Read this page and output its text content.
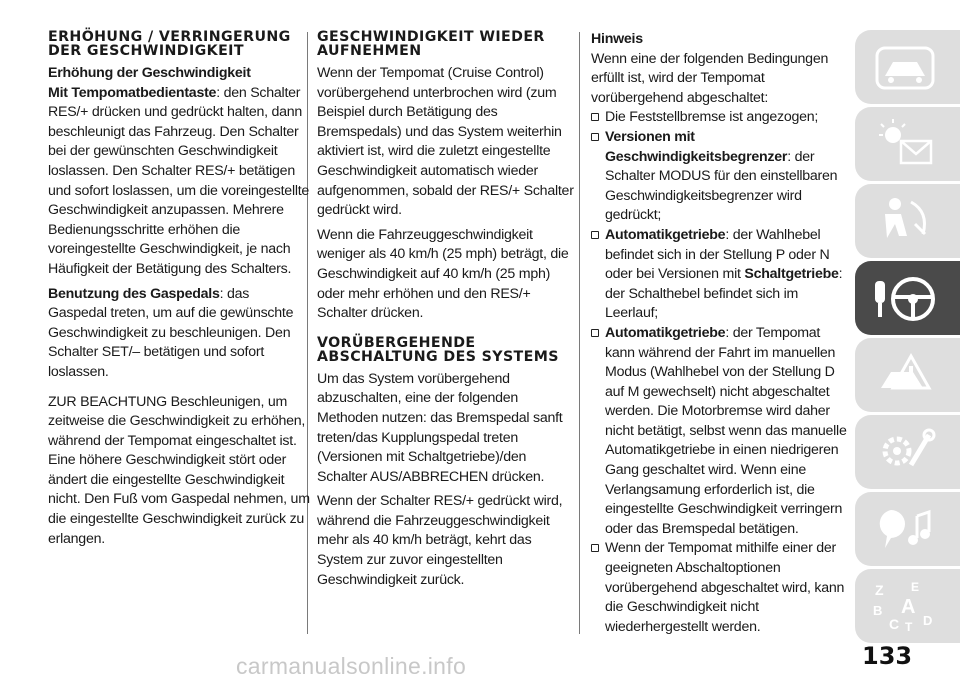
ERHÖHUNG / VERRINGERUNG DER GESCHWINDIGKEIT

Erhöhung der Geschwindigkeit

Mit Tempomatbedientaste: den Schalter RES/+ drücken und gedrückt halten, dann beschleunigt das Fahrzeug. Den Schalter bei der gewünschten Geschwindigkeit loslassen. Den Schalter RES/+ betätigen und sofort loslassen, um die voreingestellte Geschwindigkeit anzupassen. Mehrere Bedienungsschritte erhöhen die voreingestellte Geschwindigkeit, je nach Häufigkeit der Betätigung des Schalters.

Benutzung des Gaspedals: das Gaspedal treten, um auf die gewünschte Geschwindigkeit zu beschleunigen. Den Schalter SET/– betätigen und sofort loslassen.

ZUR BEACHTUNG Beschleunigen, um zeitweise die Geschwindigkeit zu erhöhen, während der Tempomat eingeschaltet ist. Eine höhere Geschwindigkeit stört oder ändert die eingestellte Geschwindigkeit nicht. Den Fuß vom Gaspedal nehmen, um die eingestellte Geschwindigkeit zurück zu erlangen.

GESCHWINDIGKEIT WIEDER AUFNEHMEN

Wenn der Tempomat (Cruise Control) vorübergehend unterbrochen wird (zum Beispiel durch Betätigung des Bremspedals) und das System weiterhin aktiviert ist, wird die zuletzt eingestellte Geschwindigkeit automatisch wieder aufgenommen, sobald der RES/+ Schalter gedrückt wird.

Wenn die Fahrzeuggeschwindigkeit weniger als 40 km/h (25 mph) beträgt, die Geschwindigkeit auf 40 km/h (25 mph) oder mehr erhöhen und den RES/+ Schalter drücken.

VORÜBERGEHENDE ABSCHALTUNG DES SYSTEMS

Um das System vorübergehend abzuschalten, eine der folgenden Methoden nutzen: das Bremspedal sanft treten/das Kupplungspedal treten (Versionen mit Schaltgetriebe)/den Schalter AUS/ABBRECHEN drücken.

Wenn der Schalter RES/+ gedrückt wird, während die Fahrzeuggeschwindigkeit mehr als 40 km/h beträgt, kehrt das System zur zuvor eingestellten Geschwindigkeit zurück.

Hinweis

Wenn eine der folgenden Bedingungen erfüllt ist, wird der Tempomat vorübergehend abgeschaltet:

Die Feststellbremse ist angezogen;
Versionen mit Geschwindigkeitsbegrenzer: der Schalter MODUS für den einstellbaren Geschwindigkeitsbegrenzer wird gedrückt;
Automatikgetriebe: der Wahlhebel befindet sich in der Stellung P oder N oder bei Versionen mit Schaltgetriebe: der Schalthebel befindet sich im Leerlauf;
Automatikgetriebe: der Tempomat kann während der Fahrt im manuellen Modus (Wahlhebel von der Stellung D auf M gewechselt) nicht abgeschaltet werden. Die Motorbremse wird daher nicht betätigt, selbst wenn das manuelle Automatikgetriebe in einen niedrigeren Gang geschaltet wird. Wenn eine Verlangsamung erforderlich ist, die eingestellte Geschwindigkeit verringern oder das Bremspedal betätigen.
Wenn der Tempomat mithilfe einer der geeigneten Abschaltoptionen vorübergehend abgeschaltet wird, kann die Geschwindigkeit nicht wiederhergestellt werden.
Z E
B A
C T D
133
carmanualsonline.info
